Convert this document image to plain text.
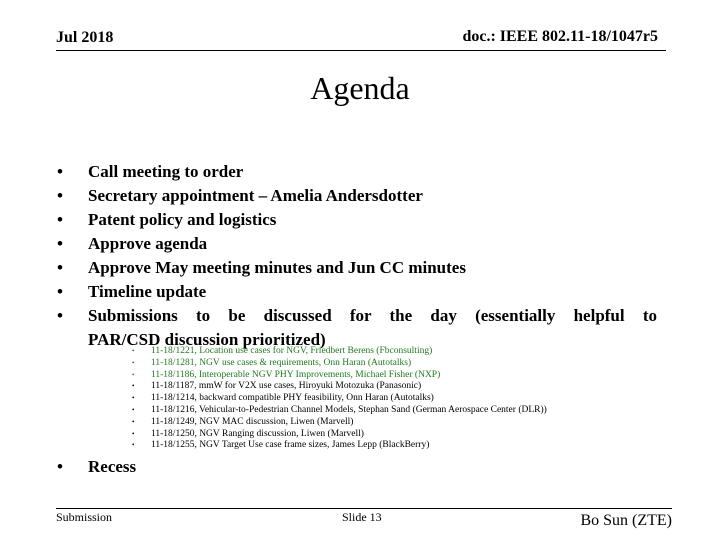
Jul 2018	doc.: IEEE 802.11-18/1047r5
Agenda
• Call meeting to order
• Secretary appointment – Amelia Andersdotter
• Patent policy and logistics
• Approve agenda
• Approve May meeting minutes and Jun CC minutes
• Timeline update
• Submissions to be discussed for the day (essentially helpful to
PAR/CSD discussion prioritized)
• 11-18/1221, Location use cases for NGV, Friedbert Berens (Fbconsulting)
• 11-18/1281, NGV use cases & requirements, Onn Haran (Autotalks)
• 11-18/1186, Interoperable NGV PHY Improvements, Michael Fisher (NXP)
• 11-18/1187, mmW for V2X use cases, Hiroyuki Motozuka (Panasonic)
• 11-18/1214, backward compatible PHY feasibility, Onn Haran (Autotalks)
• 11-18/1216, Vehicular-to-Pedestrian Channel Models, Stephan Sand (German Aerospace Center (DLR))
• 11-18/1249, NGV MAC discussion, Liwen (Marvell)
• 11-18/1250, NGV Ranging discussion, Liwen (Marvell)
• 11-18/1255, NGV Target Use case frame sizes, James Lepp (BlackBerry)
• Recess
Submission	Slide 13	Bo Sun (ZTE)
